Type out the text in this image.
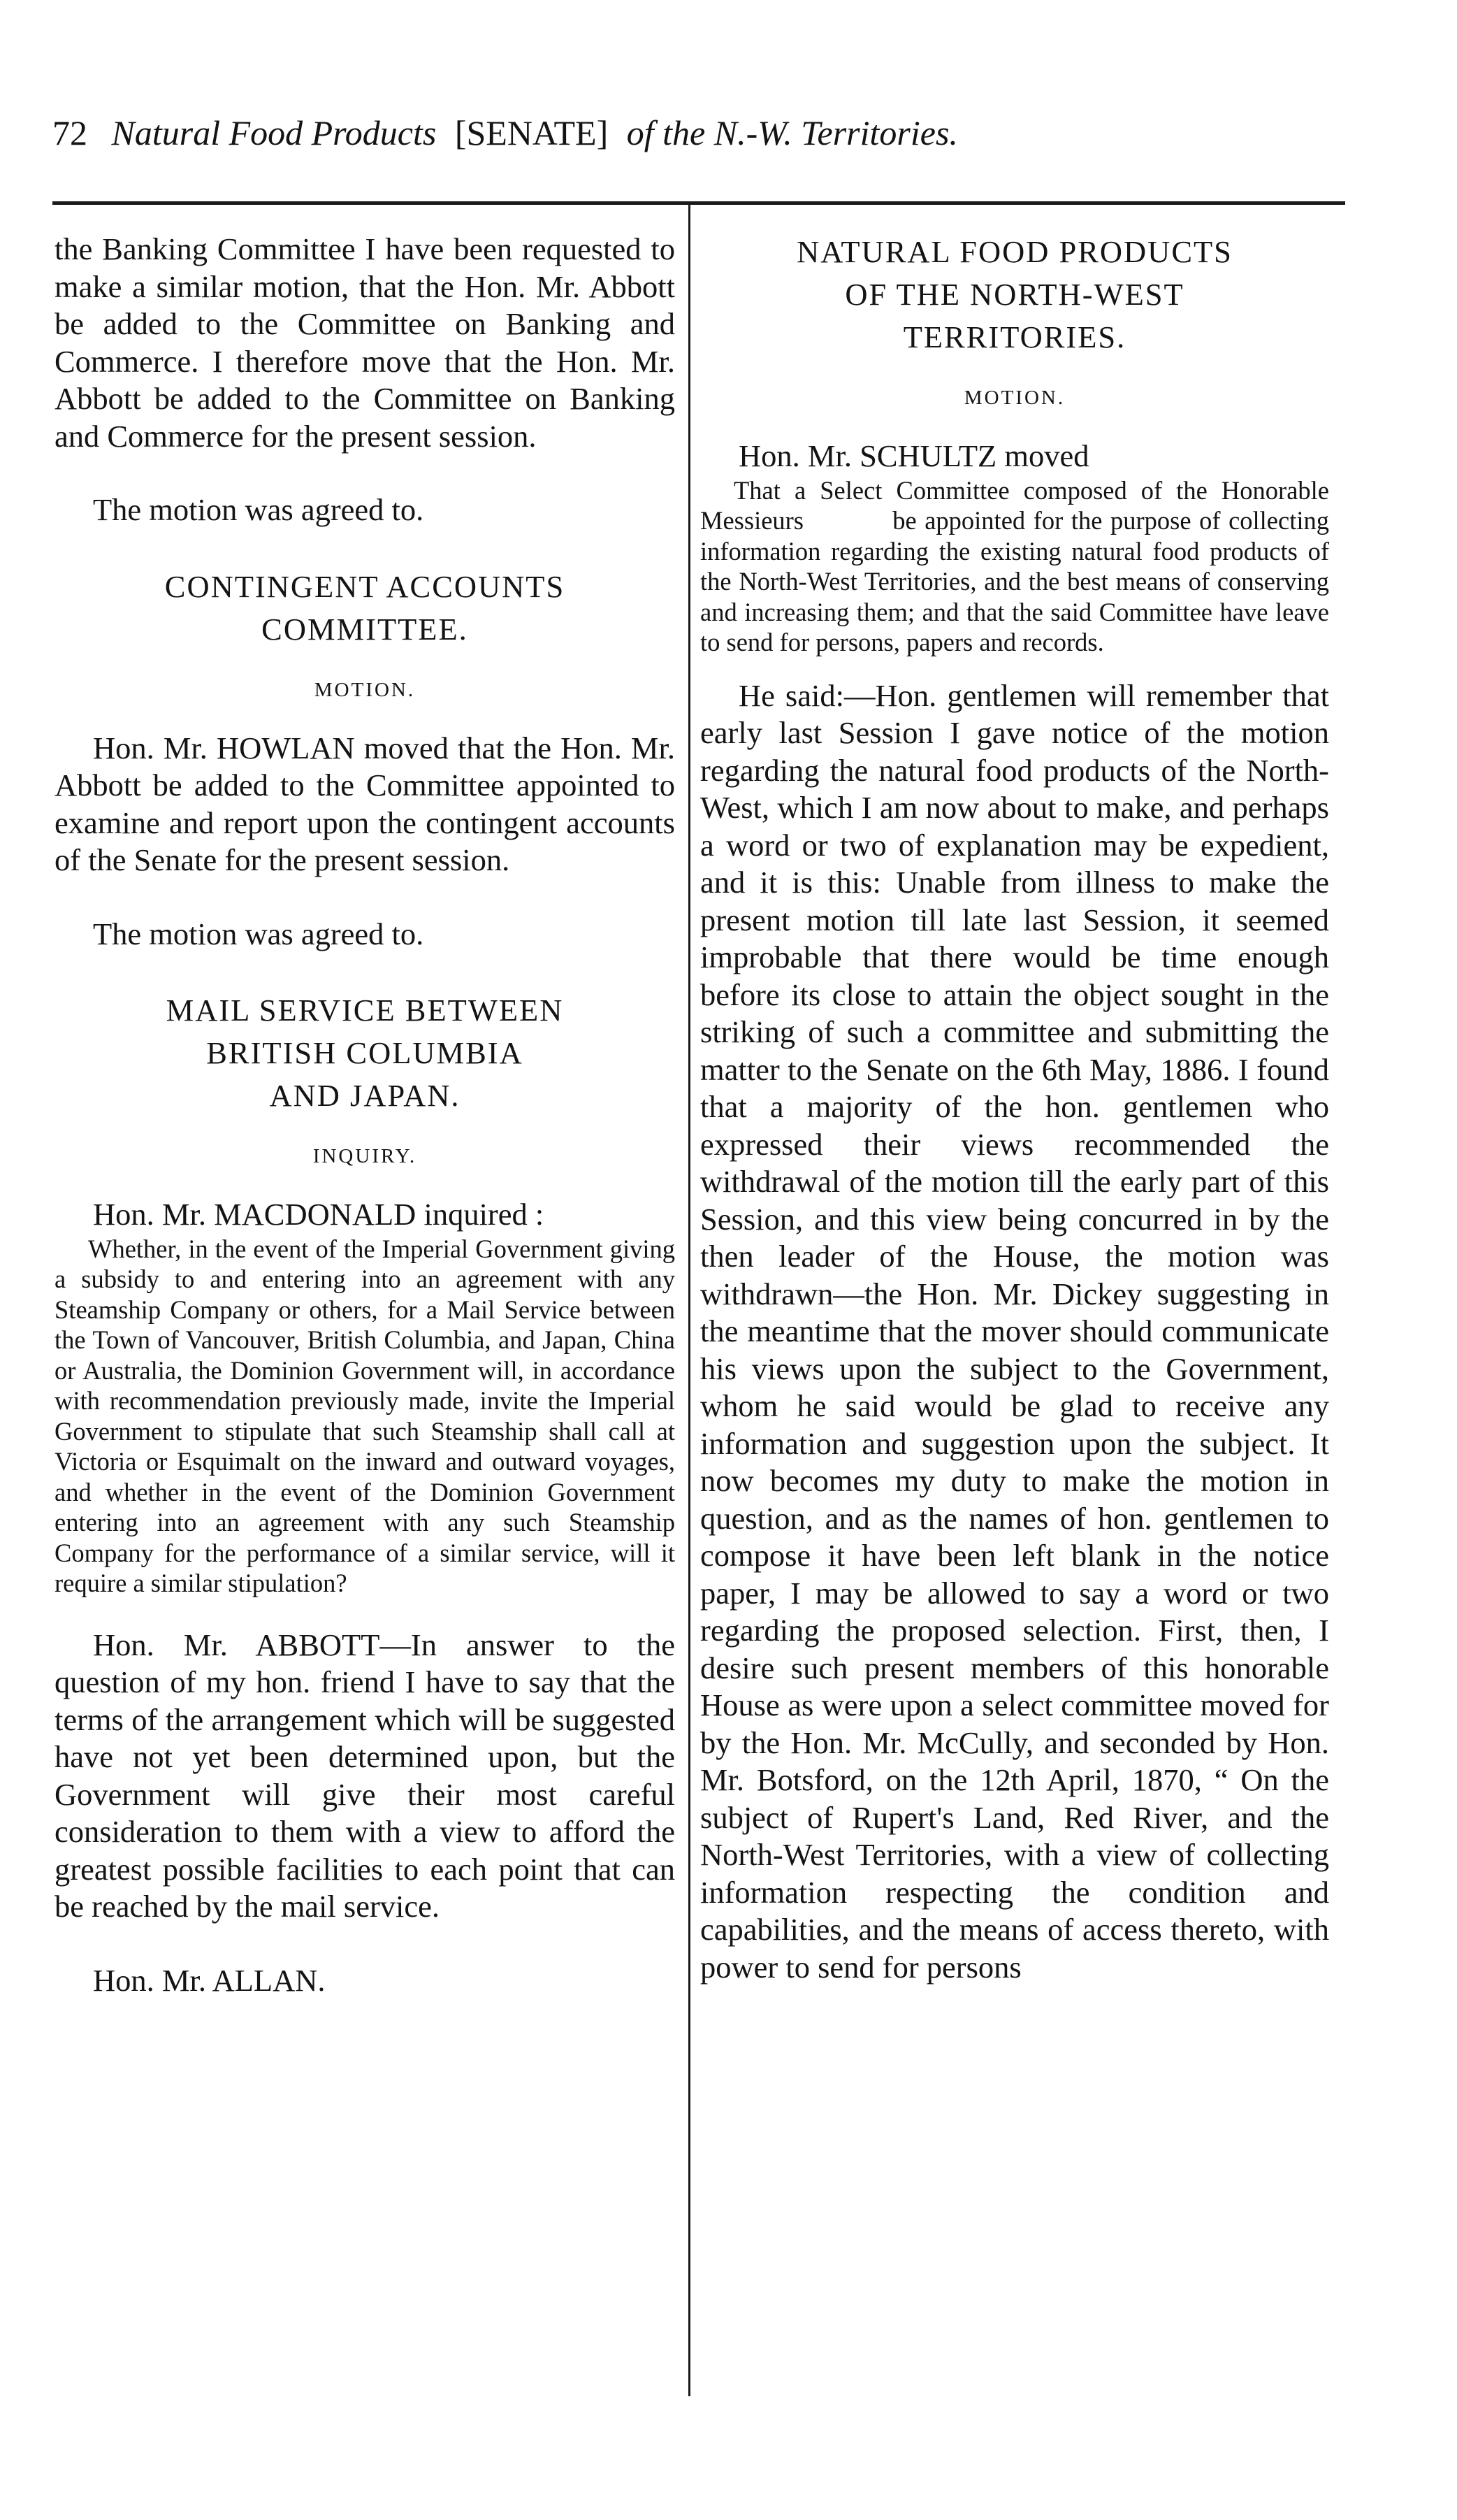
72 Natural Food Products [SENATE] of the N.-W. Territories.

the Banking Committee I have been requested to make a similar motion, that the Hon. Mr. Abbott be added to the Committee on Banking and Commerce. I therefore move that the Hon. Mr. Abbott be added to the Committee on Banking and Commerce for the present session.

The motion was agreed to.

CONTINGENT ACCOUNTS

COMMITTEE.

MOTION.

Hon. Mr. HOWLAN moved that the Hon. Mr. Abbott be added to the Committee appointed to examine and report upon the contingent accounts of the Senate for the present session.

The motion was agreed to.

MAIL SERVICE BETWEEN

BRITISH COLUMBIA

AND JAPAN.

INQUIRY.

Hon. Mr. MACDONALD inquired :

Whether, in the event of the Imperial Government giving a subsidy to and entering into an agreement with any Steamship Company or others, for a Mail Service between the Town of Vancouver, British Columbia, and Japan, China or Australia, the Dominion Government will, in accordance with recommendation previously made, invite the Imperial Government to stipulate that such Steamship shall call at Victoria or Esquimalt on the inward and outward voyages, and whether in the event of the Dominion Government entering into an agreement with any such Steamship Company for the performance of a similar service, will it require a similar stipulation?

Hon. Mr. ABBOTT—In answer to the question of my hon. friend I have to say that the terms of the arrangement which will be suggested have not yet been determined upon, but the Government will give their most careful consideration to them with a view to afford the greatest possible facilities to each point that can be reached by the mail service.

Hon. Mr. ALLAN.

NATURAL FOOD PRODUCTS

OF THE NORTH-WEST

TERRITORIES.

MOTION.

Hon. Mr. SCHULTZ moved

That a Select Committee composed of the Honorable Messieurs           be appointed for the purpose of collecting information regarding the existing natural food products of the North-West Territories, and the best means of conserving and increasing them; and that the said Committee have leave to send for persons, papers and records.

He said:—Hon. gentlemen will remember that early last Session I gave notice of the motion regarding the natural food products of the North-West, which I am now about to make, and perhaps a word or two of explanation may be expedient, and it is this: Unable from illness to make the present motion till late last Session, it seemed improbable that there would be time enough before its close to attain the object sought in the striking of such a committee and submitting the matter to the Senate on the 6th May, 1886. I found that a majority of the hon. gentlemen who expressed their views recommended the withdrawal of the motion till the early part of this Session, and this view being concurred in by the then leader of the House, the motion was withdrawn—the Hon. Mr. Dickey suggesting in the meantime that the mover should communicate his views upon the subject to the Government, whom he said would be glad to receive any information and suggestion upon the subject. It now becomes my duty to make the motion in question, and as the names of hon. gentlemen to compose it have been left blank in the notice paper, I may be allowed to say a word or two regarding the proposed selection. First, then, I desire such present members of this honorable House as were upon a select committee moved for by the Hon. Mr. McCully, and seconded by Hon. Mr. Botsford, on the 12th April, 1870, “ On the subject of Rupert's Land, Red River, and the North-West Territories, with a view of collecting information respecting the condition and capabilities, and the means of access thereto, with power to send for persons
